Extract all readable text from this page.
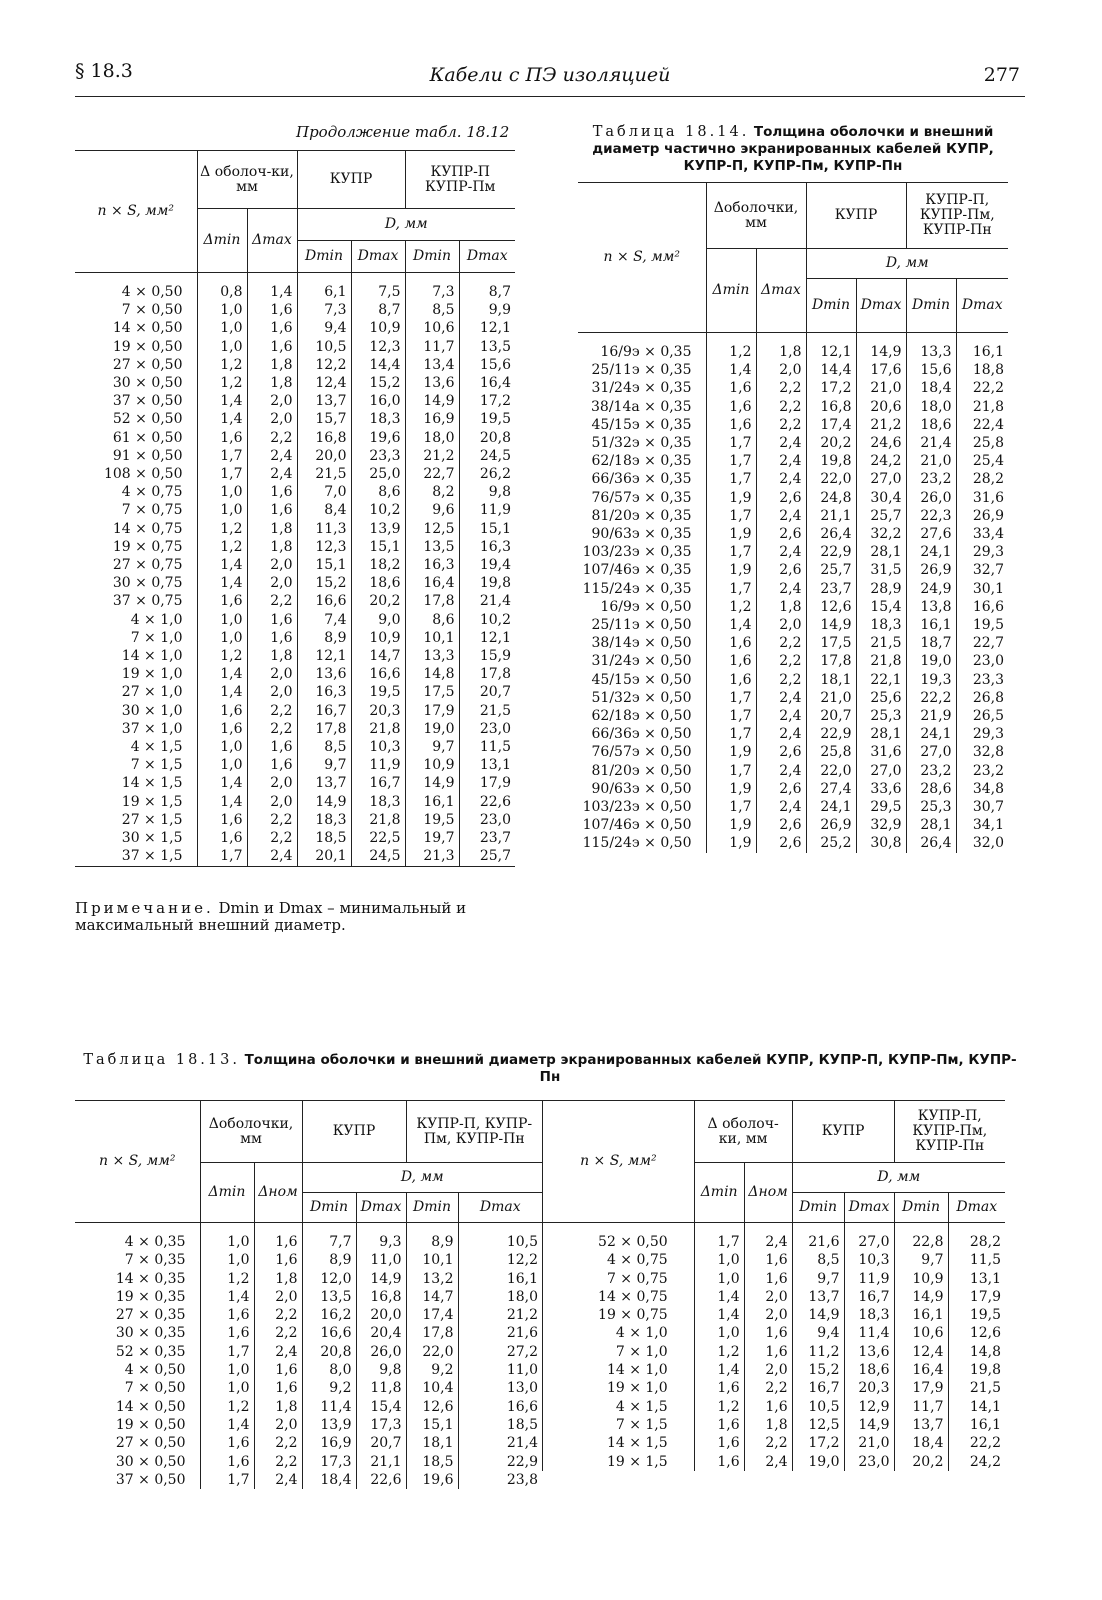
§ 18.3	Кабели с ПЭ изоляцией	277
Продолжение табл. 18.12
n × S, мм²	Δ оболоч-ки, мм		КУПР		КУПР-П КУПР-Пм	
	Δmin	Δmax	D, мм			
			Dmin	Dmax	Dmin	Dmax
4 × 0,50	0,8	1,4	6,1	7,5	7,3	8,7
7 × 0,50	1,0	1,6	7,3	8,7	8,5	9,9
14 × 0,50	1,0	1,6	9,4	10,9	10,6	12,1
19 × 0,50	1,0	1,6	10,5	12,3	11,7	13,5
27 × 0,50	1,2	1,8	12,2	14,4	13,4	15,6
30 × 0,50	1,2	1,8	12,4	15,2	13,6	16,4
37 × 0,50	1,4	2,0	13,7	16,0	14,9	17,2
52 × 0,50	1,4	2,0	15,7	18,3	16,9	19,5
61 × 0,50	1,6	2,2	16,8	19,6	18,0	20,8
91 × 0,50	1,7	2,4	20,0	23,3	21,2	24,5
108 × 0,50	1,7	2,4	21,5	25,0	22,7	26,2
4 × 0,75	1,0	1,6	7,0	8,6	8,2	9,8
7 × 0,75	1,0	1,6	8,4	10,2	9,6	11,9
14 × 0,75	1,2	1,8	11,3	13,9	12,5	15,1
19 × 0,75	1,2	1,8	12,3	15,1	13,5	16,3
27 × 0,75	1,4	2,0	15,1	18,2	16,3	19,4
30 × 0,75	1,4	2,0	15,2	18,6	16,4	19,8
37 × 0,75	1,6	2,2	16,6	20,2	17,8	21,4
4 × 1,0	1,0	1,6	7,4	9,0	8,6	10,2
7 × 1,0	1,0	1,6	8,9	10,9	10,1	12,1
14 × 1,0	1,2	1,8	12,1	14,7	13,3	15,9
19 × 1,0	1,4	2,0	13,6	16,6	14,8	17,8
27 × 1,0	1,4	2,0	16,3	19,5	17,5	20,7
30 × 1,0	1,6	2,2	16,7	20,3	17,9	21,5
37 × 1,0	1,6	2,2	17,8	21,8	19,0	23,0
4 × 1,5	1,0	1,6	8,5	10,3	9,7	11,5
7 × 1,5	1,0	1,6	9,7	11,9	10,9	13,1
14 × 1,5	1,4	2,0	13,7	16,7	14,9	17,9
19 × 1,5	1,4	2,0	14,9	18,3	16,1	22,6
27 × 1,5	1,6	2,2	18,3	21,8	19,5	23,0
30 × 1,5	1,6	2,2	18,5	22,5	19,7	23,7
37 × 1,5	1,7	2,4	20,1	24,5	21,3	25,7
Примечание. Dmin и Dmax – минимальный и максимальный внешний диаметр.
Таблица 18.14. Толщина оболочки и внешний диаметр частично экранированных кабелей КУПР, КУПР-П, КУПР-Пм, КУПР-Пн
n × S, мм²	Δоболочки, мм		КУПР		КУПР-П, КУПР-Пм, КУПР-Пн	
	Δmin	Δmax	D, мм			
			Dmin	Dmax	Dmin	Dmax
16/9э × 0,35	1,2	1,8	12,1	14,9	13,3	16,1
25/11э × 0,35	1,4	2,0	14,4	17,6	15,6	18,8
31/24э × 0,35	1,6	2,2	17,2	21,0	18,4	22,2
38/14а × 0,35	1,6	2,2	16,8	20,6	18,0	21,8
45/15э × 0,35	1,6	2,2	17,4	21,2	18,6	22,4
51/32э × 0,35	1,7	2,4	20,2	24,6	21,4	25,8
62/18э × 0,35	1,7	2,4	19,8	24,2	21,0	25,4
66/36э × 0,35	1,7	2,4	22,0	27,0	23,2	28,2
76/57э × 0,35	1,9	2,6	24,8	30,4	26,0	31,6
81/20э × 0,35	1,7	2,4	21,1	25,7	22,3	26,9
90/63э × 0,35	1,9	2,6	26,4	32,2	27,6	33,4
103/23э × 0,35	1,7	2,4	22,9	28,1	24,1	29,3
107/46э × 0,35	1,9	2,6	25,7	31,5	26,9	32,7
115/24э × 0,35	1,7	2,4	23,7	28,9	24,9	30,1
16/9э × 0,50	1,2	1,8	12,6	15,4	13,8	16,6
25/11э × 0,50	1,4	2,0	14,9	18,3	16,1	19,5
38/14э × 0,50	1,6	2,2	17,5	21,5	18,7	22,7
31/24э × 0,50	1,6	2,2	17,8	21,8	19,0	23,0
45/15э × 0,50	1,6	2,2	18,1	22,1	19,3	23,3
51/32э × 0,50	1,7	2,4	21,0	25,6	22,2	26,8
62/18э × 0,50	1,7	2,4	20,7	25,3	21,9	26,5
66/36э × 0,50	1,7	2,4	22,9	28,1	24,1	29,3
76/57э × 0,50	1,9	2,6	25,8	31,6	27,0	32,8
81/20э × 0,50	1,7	2,4	22,0	27,0	23,2	23,2
90/63э × 0,50	1,9	2,6	27,4	33,6	28,6	34,8
103/23э × 0,50	1,7	2,4	24,1	29,5	25,3	30,7
107/46э × 0,50	1,9	2,6	26,9	32,9	28,1	34,1
115/24э × 0,50	1,9	2,6	25,2	30,8	26,4	32,0
Таблица 18.13. Толщина оболочки и внешний диаметр экранированных кабелей КУПР, КУПР-П, КУПР-Пм, КУПР-Пн
n × S, мм²	Δоболочки, мм		КУПР		КУПР-П, КУПР-Пм, КУПР-Пн	
	Δmin	Δном	D, мм			
			Dmin	Dmax	Dmin	Dmax
4 × 0,35	1,0	1,6	7,7	9,3	8,9	10,5
7 × 0,35	1,0	1,6	8,9	11,0	10,1	12,2
14 × 0,35	1,2	1,8	12,0	14,9	13,2	16,1
19 × 0,35	1,4	2,0	13,5	16,8	14,7	18,0
27 × 0,35	1,6	2,2	16,2	20,0	17,4	21,2
30 × 0,35	1,6	2,2	16,6	20,4	17,8	21,6
52 × 0,35	1,7	2,4	20,8	26,0	22,0	27,2
4 × 0,50	1,0	1,6	8,0	9,8	9,2	11,0
7 × 0,50	1,0	1,6	9,2	11,8	10,4	13,0
14 × 0,50	1,2	1,8	11,4	15,4	12,6	16,6
19 × 0,50	1,4	2,0	13,9	17,3	15,1	18,5
27 × 0,50	1,6	2,2	16,9	20,7	18,1	21,4
30 × 0,50	1,6	2,2	17,3	21,1	18,5	22,9
37 × 0,50	1,7	2,4	18,4	22,6	19,6	23,8
n × S, мм²	Δ оболоч-ки, мм		КУПР		КУПР-П, КУПР-Пм, КУПР-Пн	
	Δmin	Δном	D, мм			
			Dmin	Dmax	Dmin	Dmax
52 × 0,50	1,7	2,4	21,6	27,0	22,8	28,2
4 × 0,75	1,0	1,6	8,5	10,3	9,7	11,5
7 × 0,75	1,0	1,6	9,7	11,9	10,9	13,1
14 × 0,75	1,4	2,0	13,7	16,7	14,9	17,9
19 × 0,75	1,4	2,0	14,9	18,3	16,1	19,5
4 × 1,0	1,0	1,6	9,4	11,4	10,6	12,6
7 × 1,0	1,2	1,6	11,2	13,6	12,4	14,8
14 × 1,0	1,4	2,0	15,2	18,6	16,4	19,8
19 × 1,0	1,6	2,2	16,7	20,3	17,9	21,5
4 × 1,5	1,2	1,6	10,5	12,9	11,7	14,1
7 × 1,5	1,6	1,8	12,5	14,9	13,7	16,1
14 × 1,5	1,6	2,2	17,2	21,0	18,4	22,2
19 × 1,5	1,6	2,4	19,0	23,0	20,2	24,2
